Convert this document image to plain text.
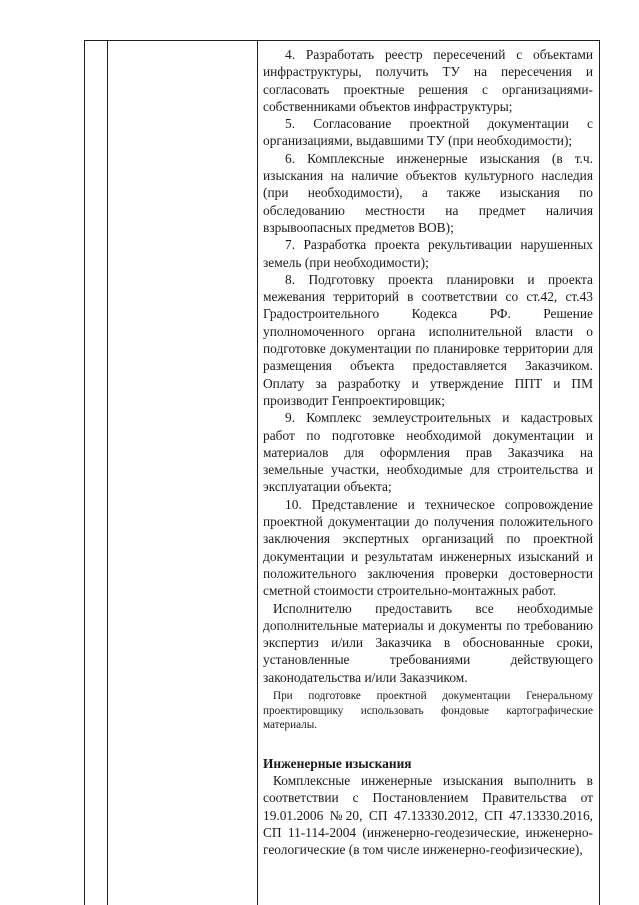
4. Разработать реестр пересечений с объектами инфраструктуры, получить ТУ на пересечения и согласовать проектные решения с организациями-собственниками объектов инфраструктуры;

5. Согласование проектной документации с организациями, выдавшими ТУ (при необходимости);

6. Комплексные инженерные изыскания (в т.ч. изыскания на наличие объектов культурного наследия (при необходимости), а также изыскания по обследованию местности на предмет наличия взрывоопасных предметов ВОВ);

7. Разработка проекта рекультивации нарушенных земель (при необходимости);

8. Подготовку проекта планировки и проекта межевания территорий в соответствии со ст.42, ст.43 Градостроительного Кодекса РФ. Решение уполномоченного органа исполнительной власти о подготовке документации по планировке территории для размещения объекта предоставляется Заказчиком. Оплату за разработку и утверждение ППТ и ПМ производит Генпроектировщик;

9. Комплекс землеустроительных и кадастровых работ по подготовке необходимой документации и материалов для оформления прав Заказчика на земельные участки, необходимые для строительства и эксплуатации объекта;

10. Представление и техническое сопровождение проектной документации до получения положительного заключения экспертных организаций по проектной документации и результатам инженерных изысканий и положительного заключения проверки достоверности сметной стоимости строительно-монтажных работ.

Исполнителю предоставить все необходимые дополнительные материалы и документы по требованию экспертиз и/или Заказчика в обоснованные сроки, установленные требованиями действующего законодательства и/или Заказчиком.

При подготовке проектной документации Генеральному проектировщику использовать фондовые картографические материалы.

Инженерные изыскания

Комплексные инженерные изыскания выполнить в соответствии с Постановлением Правительства от 19.01.2006 №20, СП 47.13330.2012, СП 47.13330.2016, СП 11-114-2004 (инженерно-геодезические, инженерно-геологические (в том числе инженерно-геофизические),
